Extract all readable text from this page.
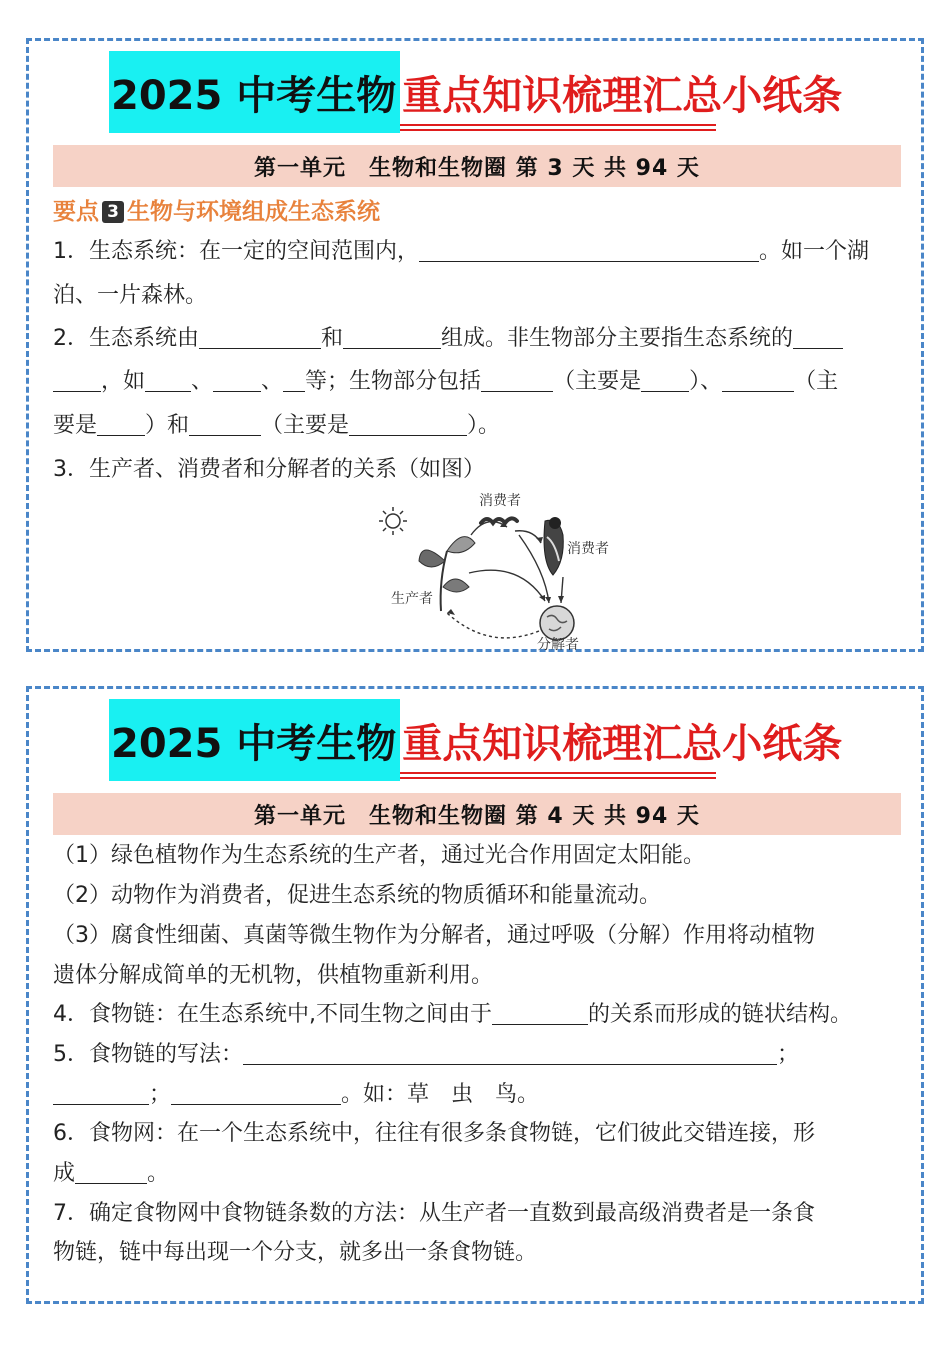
2025 中考生物 重点知识梳理汇总小纸条
第一单元　生物和生物圈 第 3 天 共 94 天
要点 3 生物与环境组成生态系统
1．生态系统：在一定的空间范围内，	。如一个湖
泊、一片森林。
2．生态系统由	和	组成。非生物部分主要指生态系统的
，如 、 、 等；生物部分包括	（主要是 ）、	（主
要是 ）和	（主要是	）。
3．生产者、消费者和分解者的关系（如图）
消费者
消费者
生产者
分解者
2025 中考生物 重点知识梳理汇总小纸条
第一单元　生物和生物圈 第 4 天 共 94 天
（1）绿色植物作为生态系统的生产者，通过光合作用固定太阳能。
（2）动物作为消费者，促进生态系统的物质循环和能量流动。
（3）腐食性细菌、真菌等微生物作为分解者，通过呼吸（分解）作用将动植物
遗体分解成简单的无机物，供植物重新利用。
4．食物链：在生态系统中,不同生物之间由于	的关系而形成的链状结构。
5．食物链的写法：	；
；	。如：草　虫　鸟。
6．食物网：在一个生态系统中，往往有很多条食物链，它们彼此交错连接，形
成	。
7．确定食物网中食物链条数的方法：从生产者一直数到最高级消费者是一条食
物链，链中每出现一个分支，就多出一条食物链。
